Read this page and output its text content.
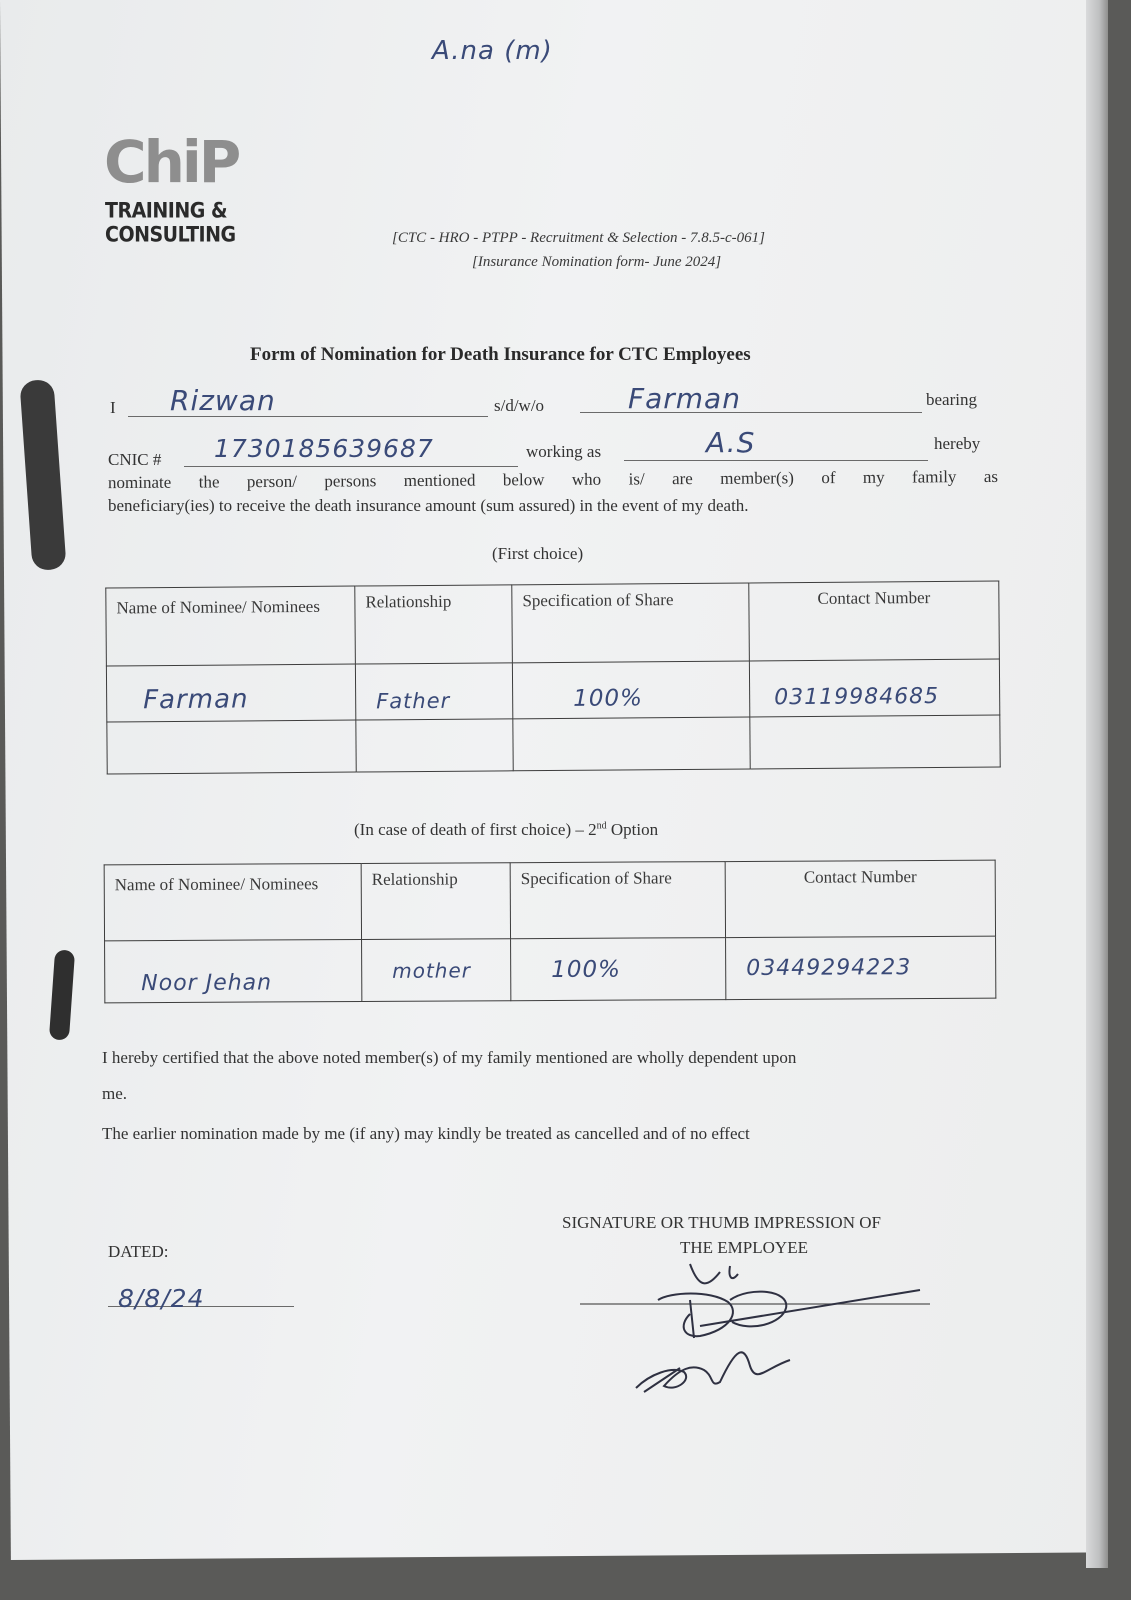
A.na (m)
ChiP
TRAINING &
CONSULTING	[CTC - HRO - PTPP - Recruitment & Selection - 7.8.5-c-061]
[Insurance Nomination form- June 2024]
Form of Nomination for Death Insurance for CTC Employees
I Rizwan	s/d/w/o	Farman	bearing
CNIC # 1730185639687	working as	A.S	hereby
nominate the person/ persons mentioned below who is/ are member(s) of my family as
beneficiary(ies) to receive the death insurance amount (sum assured) in the event of my death.
(First choice)
Name of Nominee/ Nominees	Relationship	Specification of Share	Contact Number
Farman	Father	100%	03119984685

(In case of death of first choice) – 2nd Option
Name of Nominee/ Nominees	Relationship	Specification of Share	Contact Number
Noor Jehan	mother	100%	03449294223
I hereby certified that the above noted member(s) of my family mentioned are wholly dependent upon
me.
The earlier nomination made by me (if any) may kindly be treated as cancelled and of no effect
DATED:
8/8/24
SIGNATURE OR THUMB IMPRESSION OF
THE EMPLOYEE
